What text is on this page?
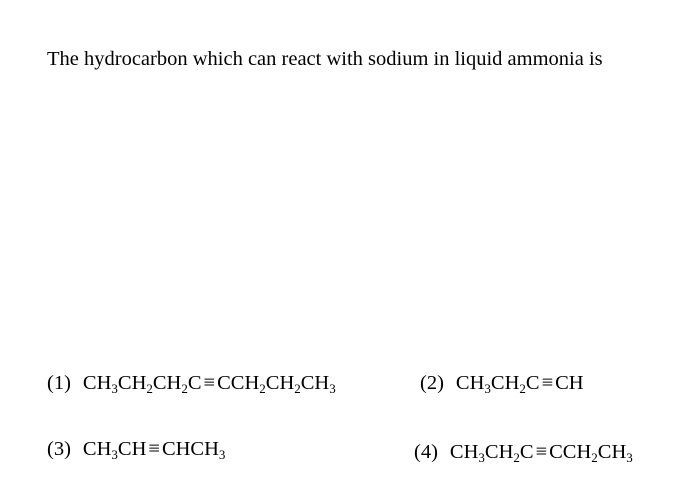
The hydrocarbon which can react with sodium in liquid ammonia is
(1) $CH_3CH_2CH_2C\equiv CCH_2CH_2CH_3$	(2) $CH_3CH_2C\equiv CH$
(3) $CH_3CH\equiv CHCH_3$	(4) $CH_3CH_2C\equiv CCH_2CH_3$
